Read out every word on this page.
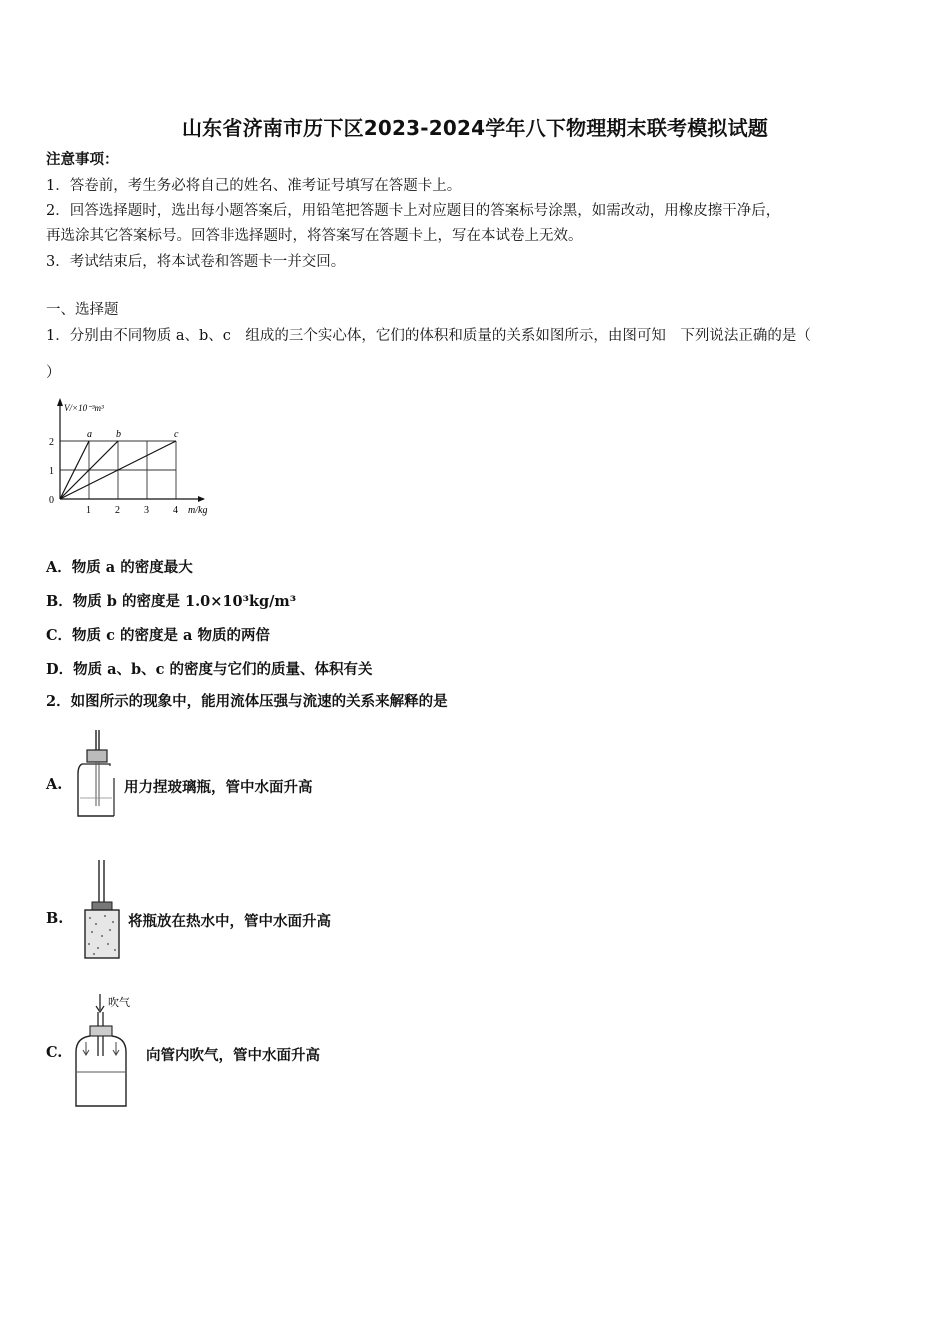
山东省济南市历下区2023-2024学年八下物理期末联考模拟试题
注意事项：
1．答卷前，考生务必将自己的姓名、准考证号填写在答题卡上。
2．回答选择题时，选出每小题答案后，用铅笔把答题卡上对应题目的答案标号涂黑，如需改动，用橡皮擦干净后，
再选涂其它答案标号。回答非选择题时，将答案写在答题卡上，写在本试卷上无效。
3．考试结束后，将本试卷和答题卡一并交回。
一、选择题
1．分别由不同物质 a、b、c　组成的三个实心体，它们的体积和质量的关系如图所示，由图可知　下列说法正确的是（
）
a b	c
1 2 3 4
0
1
2
V/×10⁻³m³
m/kg
A．物质 a 的密度最大
B．物质 b 的密度是 1.0×10³kg/m³
C．物质 c 的密度是 a 物质的两倍
D．物质 a、b、c 的密度与它们的质量、体积有关
2．如图所示的现象中，能用流体压强与流速的关系来解释的是
A.	用力捏玻璃瓶，管中水面升高
B.	将瓶放在热水中，管中水面升高
C.
吹气
向管内吹气，管中水面升高
